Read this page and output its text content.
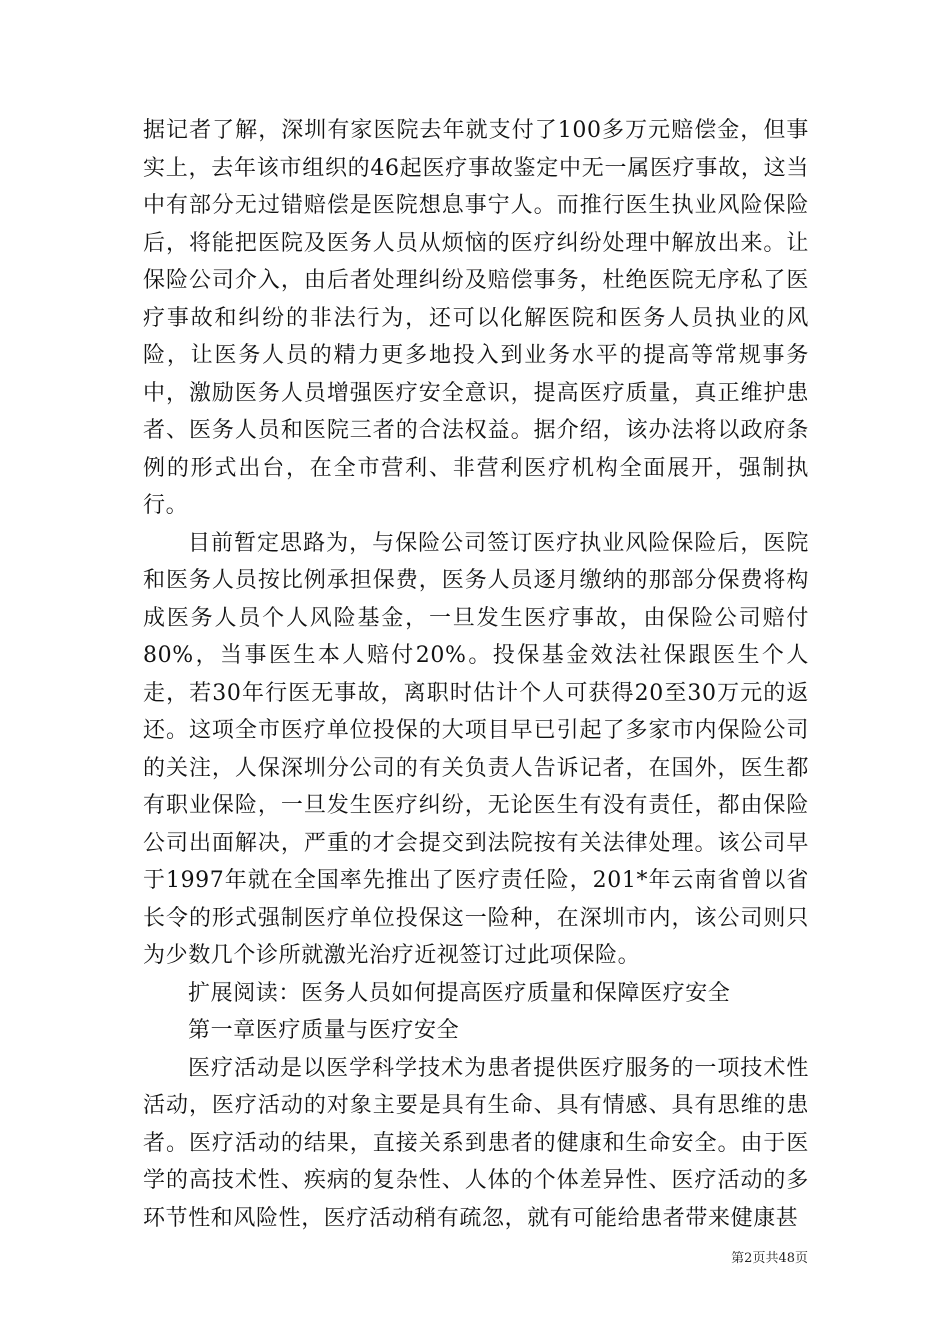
据记者了解，深圳有家医院去年就支付了100多万元赔偿金，但事实上，去年该市组织的46起医疗事故鉴定中无一属医疗事故，这当中有部分无过错赔偿是医院想息事宁人。而推行医生执业风险保险后，将能把医院及医务人员从烦恼的医疗纠纷处理中解放出来。让保险公司介入，由后者处理纠纷及赔偿事务，杜绝医院无序私了医疗事故和纠纷的非法行为，还可以化解医院和医务人员执业的风险，让医务人员的精力更多地投入到业务水平的提高等常规事务中，激励医务人员增强医疗安全意识，提高医疗质量，真正维护患者、医务人员和医院三者的合法权益。据介绍，该办法将以政府条例的形式出台，在全市营利、非营利医疗机构全面展开，强制执行。

目前暂定思路为，与保险公司签订医疗执业风险保险后，医院和医务人员按比例承担保费，医务人员逐月缴纳的那部分保费将构成医务人员个人风险基金，一旦发生医疗事故，由保险公司赔付80%，当事医生本人赔付20%。投保基金效法社保跟医生个人走，若30年行医无事故，离职时估计个人可获得20至30万元的返还。这项全市医疗单位投保的大项目早已引起了多家市内保险公司的关注，人保深圳分公司的有关负责人告诉记者，在国外，医生都有职业保险，一旦发生医疗纠纷，无论医生有没有责任，都由保险公司出面解决，严重的才会提交到法院按有关法律处理。该公司早于1997年就在全国率先推出了医疗责任险，201*年云南省曾以省长令的形式强制医疗单位投保这一险种，在深圳市内，该公司则只为少数几个诊所就激光治疗近视签订过此项保险。

扩展阅读：医务人员如何提高医疗质量和保障医疗安全

第一章医疗质量与医疗安全

医疗活动是以医学科学技术为患者提供医疗服务的一项技术性活动，医疗活动的对象主要是具有生命、具有情感、具有思维的患者。医疗活动的结果，直接关系到患者的健康和生命安全。由于医学的高技术性、疾病的复杂性、人体的个体差异性、医疗活动的多环节性和风险性，医疗活动稍有疏忽，就有可能给患者带来健康甚

第2页共48页
